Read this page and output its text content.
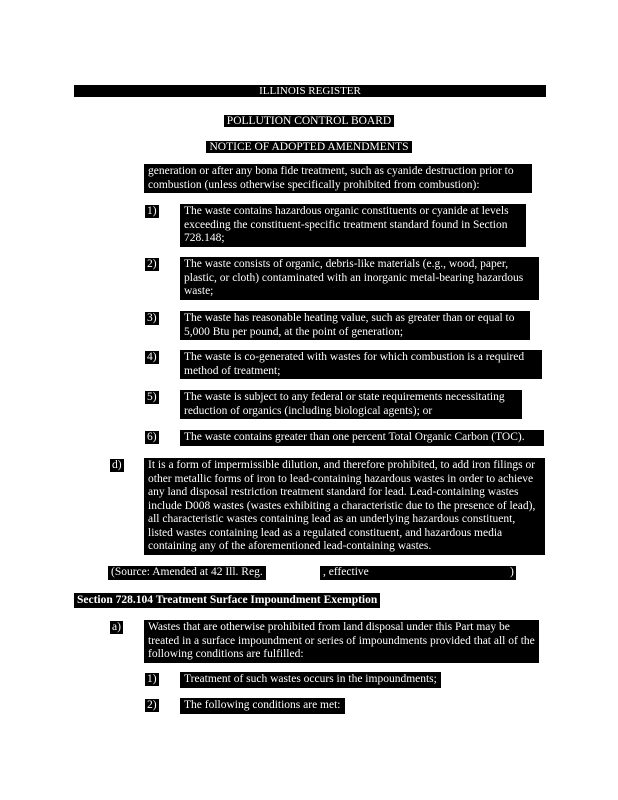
ILLINOIS REGISTER
POLLUTION CONTROL BOARD
NOTICE OF ADOPTED AMENDMENTS
generation or after any bona fide treatment, such as cyanide destruction prior to combustion (unless otherwise specifically prohibited from combustion):
1)	The waste contains hazardous organic constituents or cyanide at levels exceeding the constituent-specific treatment standard found in Section 728.148;
2)	The waste consists of organic, debris-like materials (e.g., wood, paper, plastic, or cloth) contaminated with an inorganic metal-bearing hazardous waste;
3)	The waste has reasonable heating value, such as greater than or equal to 5,000 Btu per pound, at the point of generation;
4)	The waste is co-generated with wastes for which combustion is a required method of treatment;
5)	The waste is subject to any federal or state requirements necessitating reduction of organics (including biological agents); or
6)	The waste contains greater than one percent Total Organic Carbon (TOC).
d)	It is a form of impermissible dilution, and therefore prohibited, to add iron filings or other metallic forms of iron to lead-containing hazardous wastes in order to achieve any land disposal restriction treatment standard for lead. Lead-containing wastes include D008 wastes (wastes exhibiting a characteristic due to the presence of lead), all characteristic wastes containing lead as an underlying hazardous constituent, listed wastes containing lead as a regulated constituent, and hazardous media containing any of the aforementioned lead-containing wastes.
(Source: Amended at 42 Ill. Reg.	, effective	)
Section 728.104 Treatment Surface Impoundment Exemption
a)	Wastes that are otherwise prohibited from land disposal under this Part may be treated in a surface impoundment or series of impoundments provided that all of the following conditions are fulfilled:
1)	Treatment of such wastes occurs in the impoundments;
2)	The following conditions are met:
